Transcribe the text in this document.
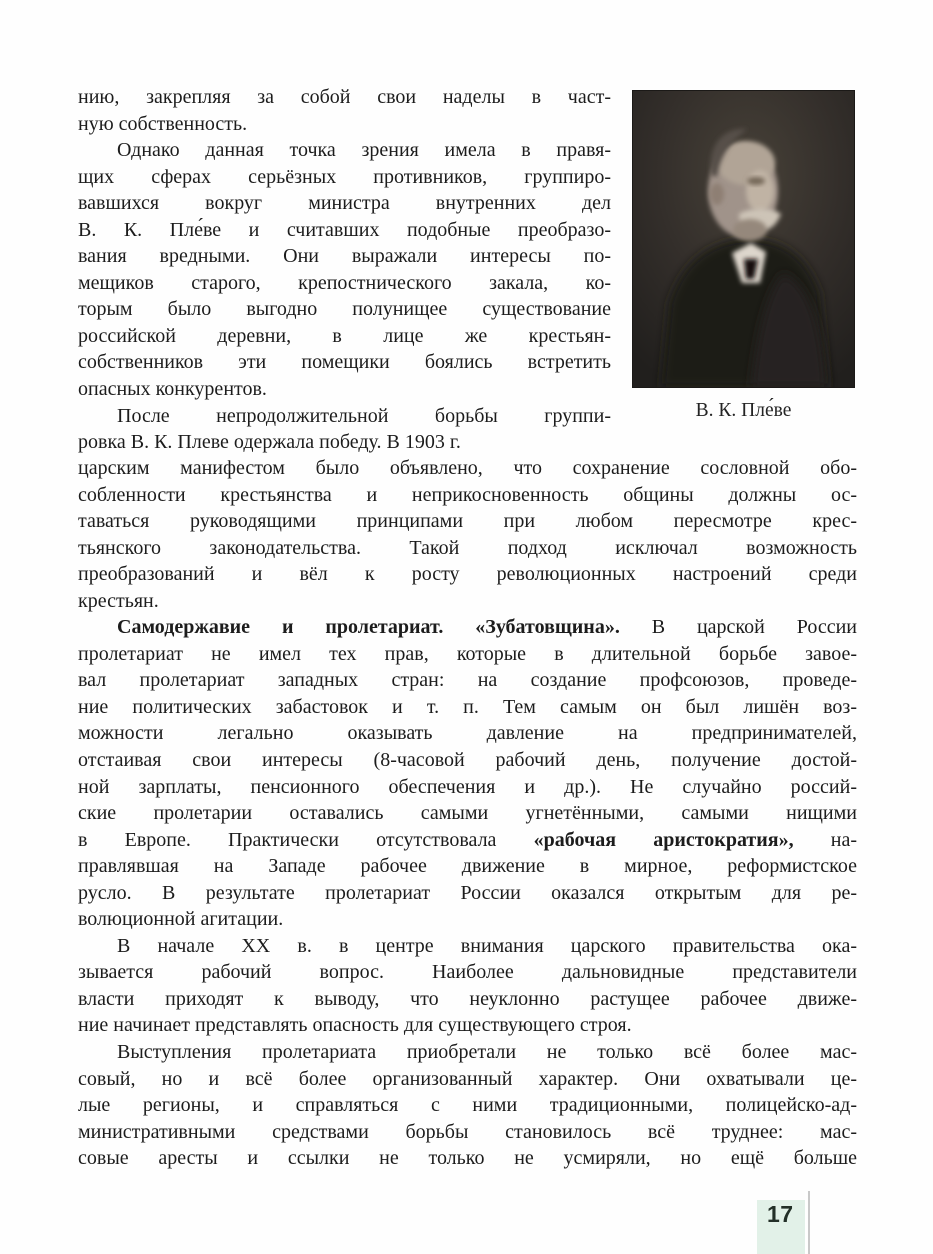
нию, закрепляя за собой свои наделы в част-
ную собственность.
Однако данная точка зрения имела в правя-
щих сферах серьёзных противников, группиро-
вавшихся вокруг министра внутренних дел
В. К. Пле́ве и считавших подобные преобразо-
вания вредными. Они выражали интересы по-
мещиков старого, крепостнического закала, ко-
торым было выгодно полунищее существование
российской деревни, в лице же крестьян-
собственников эти помещики боялись встретить
опасных конкурентов.
После непродолжительной борьбы группи-
ровка В. К. Плеве одержала победу. В 1903 г.
царским манифестом было объявлено, что сохранение сословной обо-
собленности крестьянства и неприкосновенность общины должны ос-
таваться руководящими принципами при любом пересмотре крес-
тьянского законодательства. Такой подход исключал возможность
преобразований и вёл к росту революционных настроений среди
крестьян.
Самодержавие и пролетариат. «Зубатовщина». В царской России
пролетариат не имел тех прав, которые в длительной борьбе завое-
вал пролетариат западных стран: на создание профсоюзов, проведе-
ние политических забастовок и т. п. Тем самым он был лишён воз-
можности легально оказывать давление на предпринимателей,
отстаивая свои интересы (8-часовой рабочий день, получение достой-
ной зарплаты, пенсионного обеспечения и др.). Не случайно россий-
ские пролетарии оставались самыми угнетёнными, самыми нищими
в Европе. Практически отсутствовала «рабочая аристократия», на-
правлявшая на Западе рабочее движение в мирное, реформистское
русло. В результате пролетариат России оказался открытым для ре-
волюционной агитации.
В начале XX в. в центре внимания царского правительства ока-
зывается рабочий вопрос. Наиболее дальновидные представители
власти приходят к выводу, что неуклонно растущее рабочее движе-
ние начинает представлять опасность для существующего строя.
Выступления пролетариата приобретали не только всё более мас-
совый, но и всё более организованный характер. Они охватывали це-
лые регионы, и справляться с ними традиционными, полицейско-ад-
министративными средствами борьбы становилось всё труднее: мас-
совые аресты и ссылки не только не усмиряли, но ещё больше
В. К. Пле́ве
17
